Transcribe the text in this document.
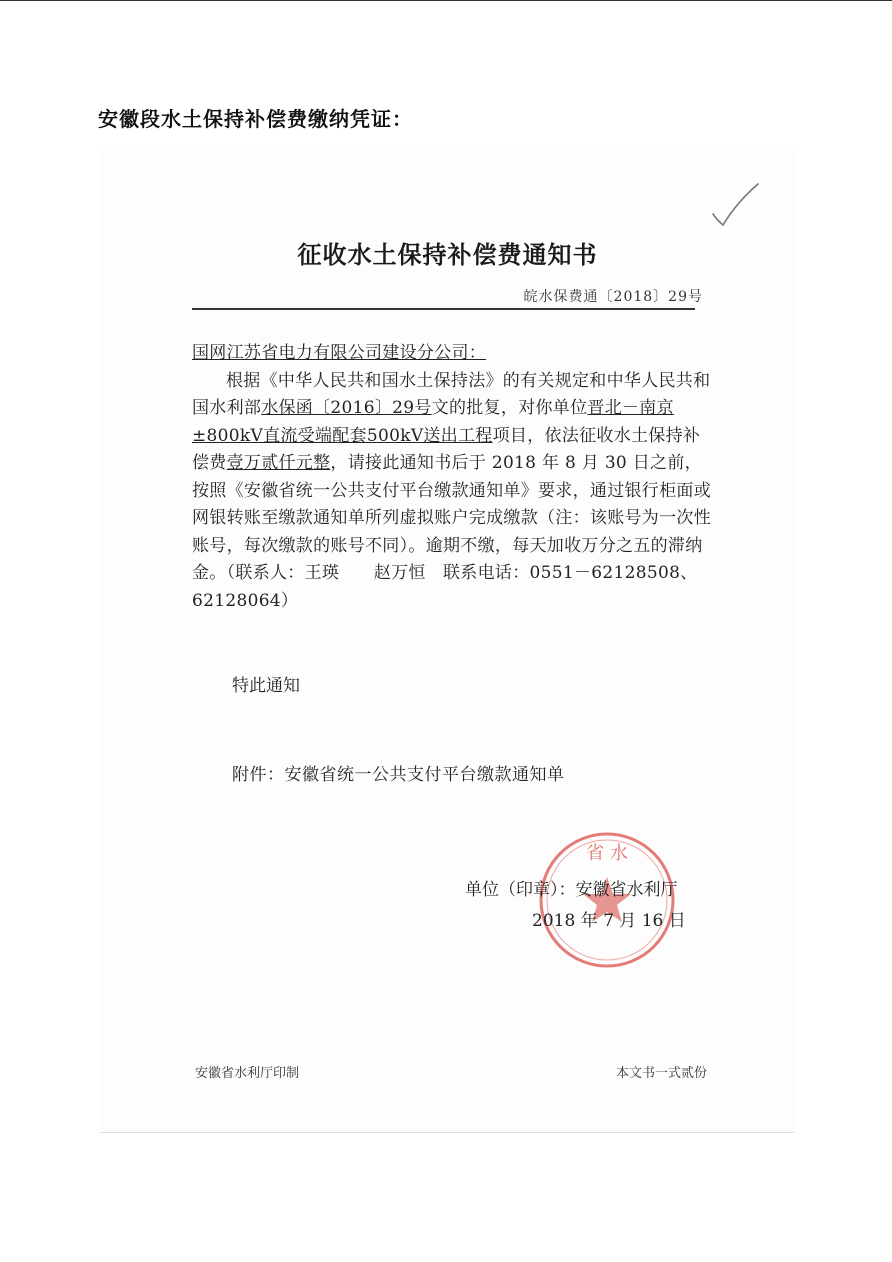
安徽段水土保持补偿费缴纳凭证：
征收水土保持补偿费通知书
皖水保费通〔2018〕29号

国网江苏省电力有限公司建设分公司：

根据《中华人民共和国水土保持法》的有关规定和中华人民共和国水利部水保函〔2016〕29号文的批复，对你单位晋北－南京±800kV直流受端配套500kV送出工程项目，依法征收水土保持补偿费壹万贰仟元整，请接此通知书后于 2018 年 8 月 30 日之前，按照《安徽省统一公共支付平台缴款通知单》要求，通过银行柜面或网银转账至缴款通知单所列虚拟账户完成缴款（注：该账号为一次性账号，每次缴款的账号不同）。逾期不缴，每天加收万分之五的滞纳金。（联系人：王瑛　　赵万恒　联系电话：0551－62128508、62128064）

特此通知
附件：安徽省统一公共支付平台缴款通知单
省 水
单位（印章）：安徽省水利厅
2018 年 7 月 16 日
安徽省水利厅印制	本文书一式贰份
